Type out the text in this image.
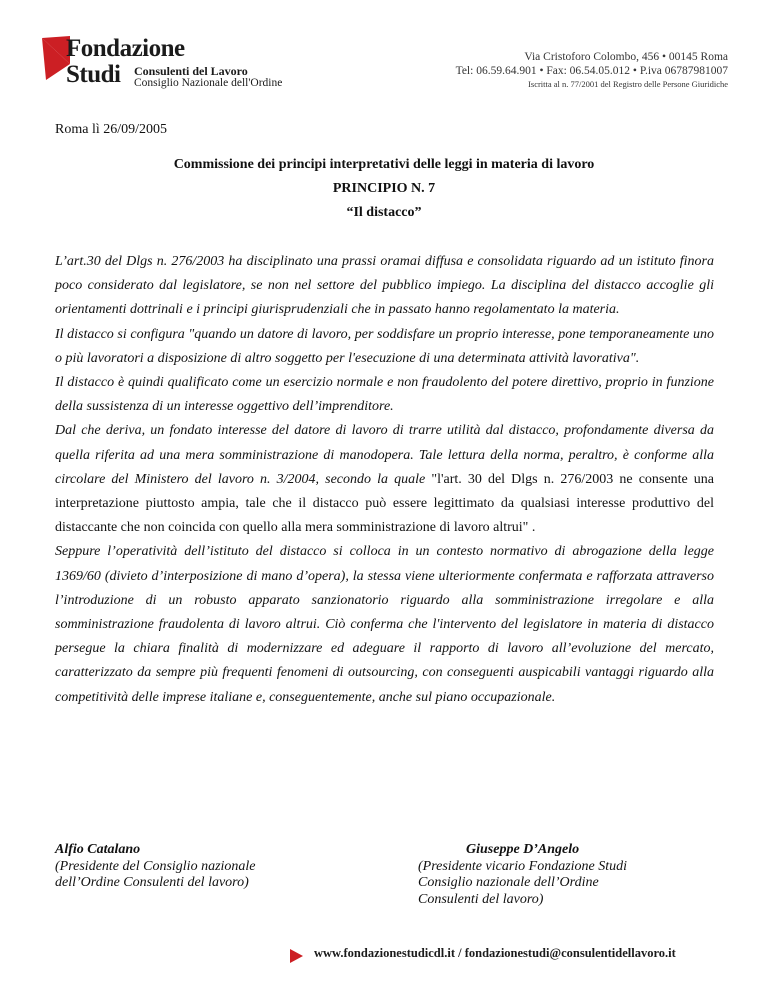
Fondazione
Studi Consulenti del Lavoro
Consiglio Nazionale dell'Ordine
Via Cristoforo Colombo, 456 • 00145 Roma
Tel: 06.59.64.901 • Fax: 06.54.05.012 • P.iva 06787981007
Iscritta al n. 77/2001 del Registro delle Persone Giuridiche
Roma lì 26/09/2005
Commissione dei principi interpretativi delle leggi in materia di lavoro
PRINCIPIO N. 7
“Il distacco”

L’art.30 del Dlgs n. 276/2003 ha disciplinato una prassi oramai diffusa e consolidata riguardo ad un istituto finora poco considerato dal legislatore, se non nel settore del pubblico impiego. La disciplina del distacco accoglie gli orientamenti dottrinali e i principi giurisprudenziali che in passato hanno regolamentato la materia.

Il distacco si configura "quando un datore di lavoro, per soddisfare un proprio interesse, pone temporaneamente uno o più lavoratori a disposizione di altro soggetto per l'esecuzione di una determinata attività lavorativa".

Il distacco è quindi qualificato come un esercizio normale e non fraudolento del potere direttivo, proprio in funzione della sussistenza di un interesse oggettivo dell’imprenditore.

Dal che deriva, un fondato interesse del datore di lavoro di trarre utilità dal distacco, profondamente diversa da quella riferita ad una mera somministrazione di manodopera. Tale lettura della norma, peraltro, è conforme alla circolare del Ministero del lavoro n. 3/2004, secondo la quale "l'art. 30 del Dlgs n. 276/2003 ne consente una interpretazione piuttosto ampia, tale che il distacco può essere legittimato da qualsiasi interesse produttivo del distaccante che non coincida con quello alla mera somministrazione di lavoro altrui" .

Seppure l’operatività dell’istituto del distacco si colloca in un contesto normativo di abrogazione della legge 1369/60 (divieto d’interposizione di mano d’opera), la stessa viene ulteriormente confermata e rafforzata attraverso l’introduzione di un robusto apparato sanzionatorio riguardo alla somministrazione irregolare e alla somministrazione fraudolenta di lavoro altrui. Ciò conferma che l'intervento del legislatore in materia di distacco persegue la chiara finalità di modernizzare ed adeguare il rapporto di lavoro all’evoluzione del mercato, caratterizzato da sempre più frequenti fenomeni di outsourcing, con conseguenti auspicabili vantaggi riguardo alla competitività delle imprese italiane e, conseguentemente, anche sul piano occupazionale.

Alfio Catalano
(Presidente del Consiglio nazionale
dell’Ordine Consulenti del lavoro)
Giuseppe D’Angelo
(Presidente vicario Fondazione Studi
Consiglio nazionale dell’Ordine
Consulenti del lavoro)
www.fondazionestudicdl.it / fondazionestudi@consulentidellavoro.it
